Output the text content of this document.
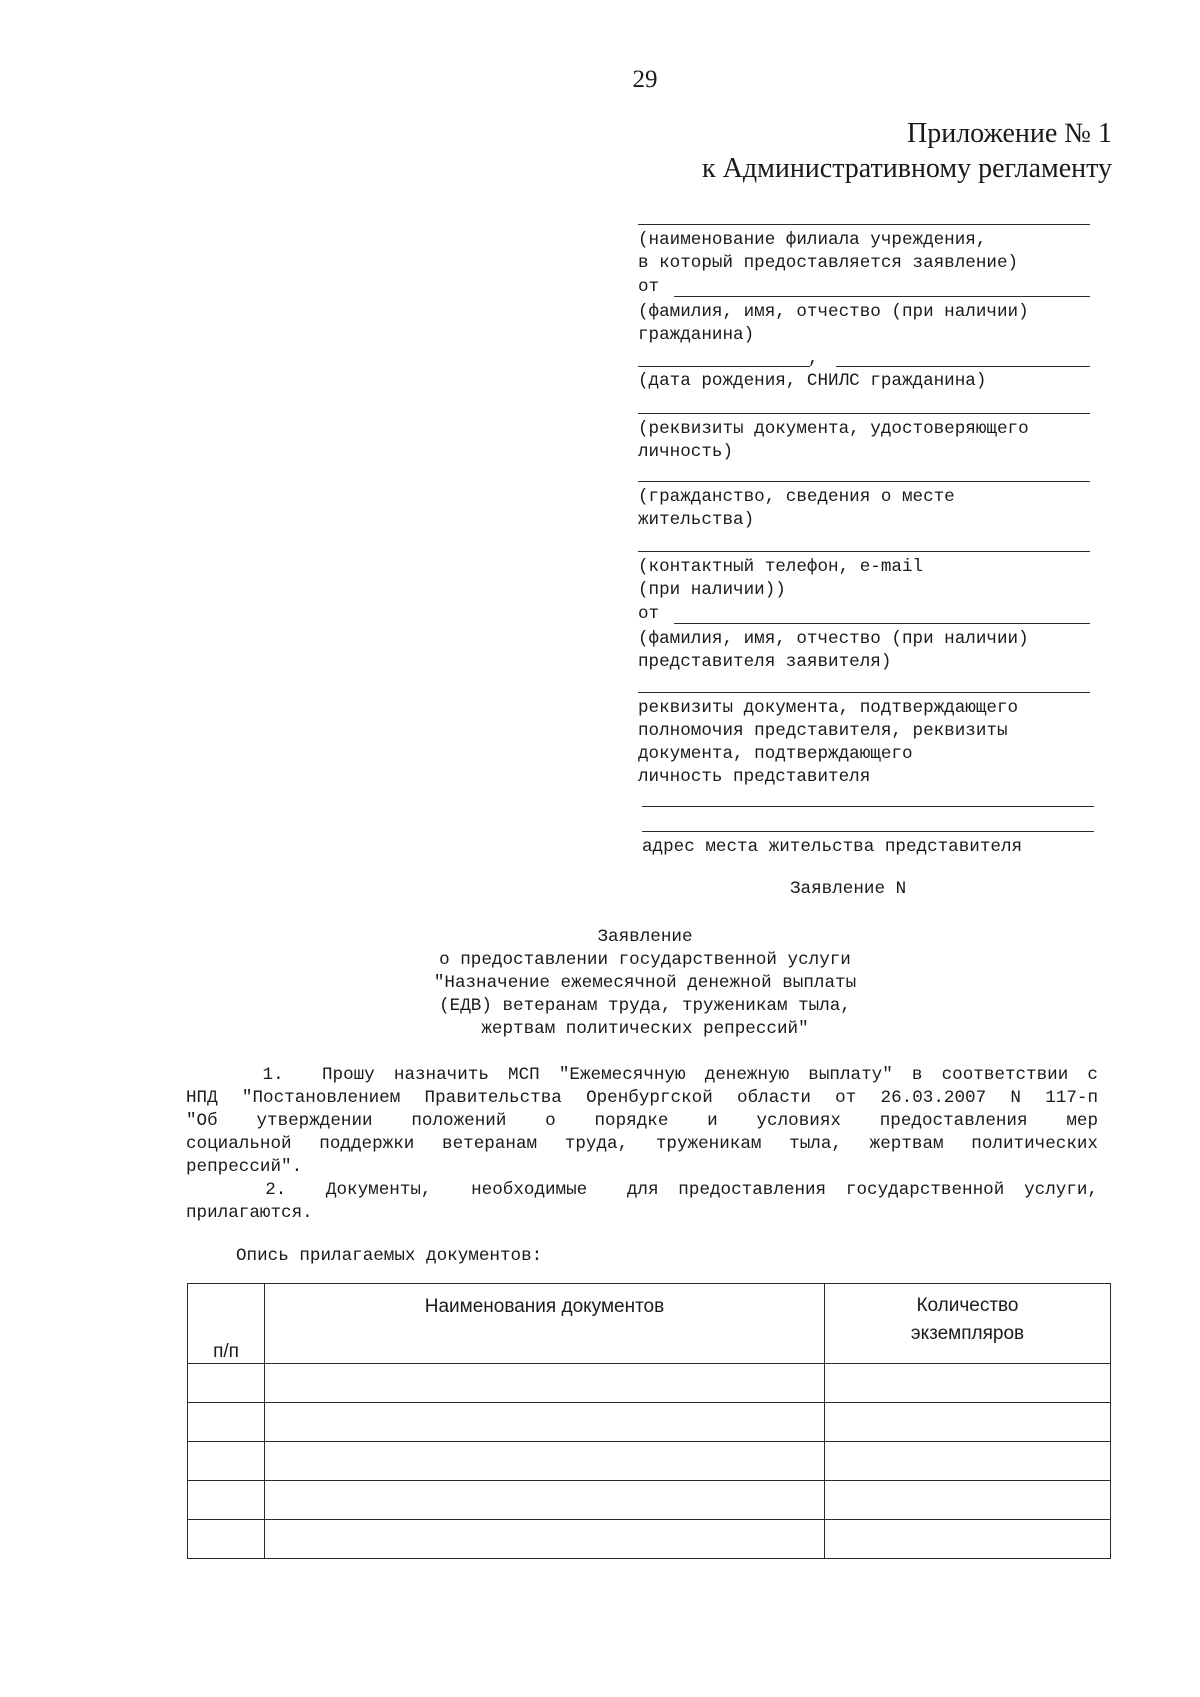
29
Приложение № 1
к Административному регламенту
(наименование филиала учреждения,
в который предоставляется заявление)
от
(фамилия, имя, отчество (при наличии)
гражданина)
,
(дата рождения, СНИЛС гражданина)
(реквизиты документа, удостоверяющего
личность)
(гражданство, сведения о месте
жительства)
(контактный телефон, e-mail
(при наличии))
от
(фамилия, имя, отчество (при наличии)
представителя заявителя)
реквизиты документа, подтверждающего
полномочия представителя, реквизиты
документа, подтверждающего
личность представителя
адрес места жительства представителя
Заявление N
Заявление
о предоставлении государственной услуги
"Назначение ежемесячной денежной выплаты
(ЕДВ) ветеранам труда, труженикам тыла,
жертвам политических репрессий"
1.  Прошу назначить МСП "Ежемесячную денежную выплату" в соответствии с
НПД "Постановлением Правительства Оренбургской области от 26.03.2007 N 117-п
"Об  утверждении  положений  о  порядке  и  условиях  предоставления  мер
социальной поддержки ветеранам труда, труженикам тыла, жертвам политических
репрессий".
2.  Документы,  необходимые  для предоставления государственной услуги,
прилагаются.
Опись прилагаемых документов:
п/п	Наименования документов	Количество
экземпляров
